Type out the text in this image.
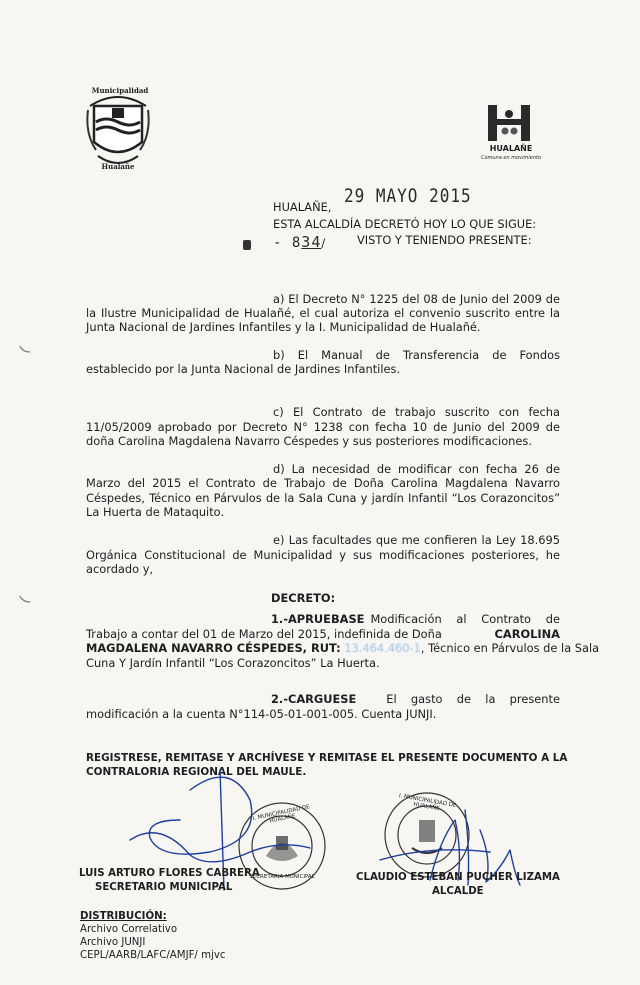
Municipalidad
Hualañe
HUALAÑE
Comuna en movimiento
29 MAYO 2015
HUALAÑE,
ESTA ALCALDÍA DECRETÓ HOY LO QUE SIGUE:
- 834/	VISTO Y TENIENDO PRESENTE:
a) El Decreto N° 1225 del 08 de Junio del 2009 de
la Ilustre Municipalidad de Hualañé, el cual autoriza el convenio suscrito entre la
Junta Nacional de Jardines Infantiles y la I. Municipalidad de Hualañé.
b) El Manual de Transferencia de Fondos
establecido por la Junta Nacional de Jardines Infantiles.
c) El Contrato de trabajo suscrito con fecha
11/05/2009 aprobado por Decreto N° 1238 con fecha 10 de Junio del 2009 de
doña Carolina Magdalena Navarro Céspedes y sus posteriores modificaciones.
d) La necesidad de modificar con fecha 26 de
Marzo del 2015 el Contrato de Trabajo de Doña Carolina Magdalena Navarro
Céspedes, Técnico en Párvulos de la Sala Cuna y jardín Infantil “Los Corazoncitos”
La Huerta de Mataquito.
e) Las facultades que me confieren la Ley 18.695
Orgánica Constitucional de Municipalidad y sus modificaciones posteriores, he
acordado y,
DECRETO:
1.-APRUEBASE Modificación al Contrato de
Trabajo a contar del 01 de Marzo del 2015, indefinida de Doña	CAROLINA
MAGDALENA NAVARRO CÉSPEDES, RUT: 13.464.460-1, Técnico en Párvulos de la Sala
Cuna Y Jardín Infantil “Los Corazoncitos” La Huerta.
2.-CARGUESE	El gasto de la presente
modificación a la cuenta N°114-05-01-001-005. Cuenta JUNJI.
REGISTRESE, REMITASE Y ARCHÍVESE Y REMITASE EL PRESENTE DOCUMENTO A LA
CONTRALORIA REGIONAL DEL MAULE.
I. MUNICIPALIDAD DE HUALAÑE
SECRETARIA MUNICIPAL
I. MUNICIPALIDAD DE HUALAÑE
LUIS ARTURO FLORES CABRERA
SECRETARIO MUNICIPAL
CLAUDIO ESTEBAN PUCHER LIZAMA
ALCALDE
DISTRIBUCIÓN:
Archivo Correlativo
Archivo JUNJI
CEPL/AARB/LAFC/AMJF/ mjvc
(
(
